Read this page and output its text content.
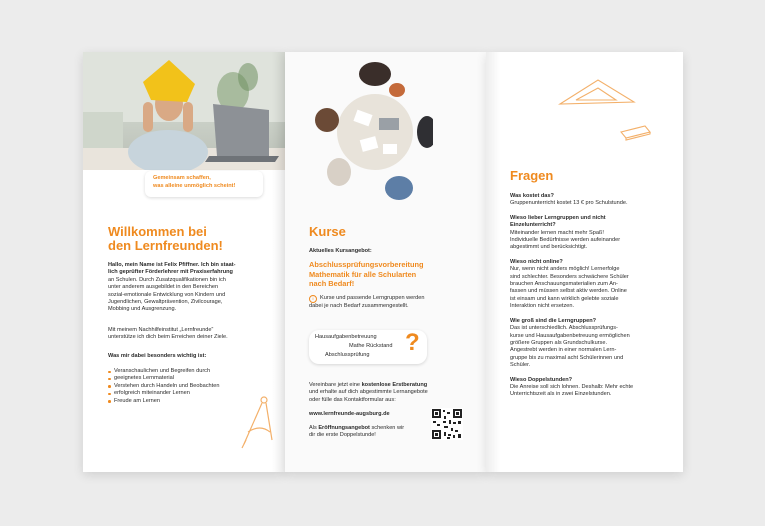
Gemeinsam schaffen,
was alleine unmöglich scheint!
Willkommen bei
den Lernfreunden!
Hallo, mein Name ist Felix Pfiffner. Ich bin staat-
lich geprüfter Förderlehrer mit Praxiserfahrung
an Schulen. Durch Zusatzqualifikationen bin ich
unter anderem ausgebildet in den Bereichen
sozial-emotionale Entwicklung von Kindern und
Jugendlichen, Gewaltprävention, Zivilcourage,
Mobbing und Ausgrenzung.
Mit meinem Nachhilfeinstitut „Lernfreunde“
unterstütze ich dich beim Erreichen deiner Ziele.
Was mir dabei besonders wichtig ist:
Veranschaulichen und Begreifen durch
geeignetes Lernmaterial
Verstehen durch Handeln und Beobachten
erfolgreich miteinander Lernen
Freude am Lernen
Kurse
Aktuelles Kursangebot:
Abschlussprüfungsvorbereitung
Mathematik für alle Schularten
nach Bedarf!
i Kurse und passende Lerngruppen werden
dabei je nach Bedarf zusammengestellt.
Hausaufgabenbetreuung
Mathe Rückstand
Abschlussprüfung ?
Vereinbare jetzt eine kostenlose Erstberatung
und erhalte auf dich abgestimmte Lernangebote
oder fülle das Kontaktformular aus:
www.lernfreunde-augsburg.de
Als Eröffnungsangebot schenken wir
dir die erste Doppelstunde!
Fragen
Was kostet das?
Gruppenunterricht kostet 13 € pro Schulstunde.
Wieso lieber Lerngruppen und nicht
Einzelunterricht?
Miteinander lernen macht mehr Spaß!
Individuelle Bedürfnisse werden aufeinander
abgestimmt und berücksichtigt.
Wieso nicht online?
Nur, wenn nicht anders möglich! Lernerfolge
sind schlechter. Besonders schwächere Schüler
brauchen Anschauungsmaterialien zum An-
fassen und müssen selbst aktiv werden. Online
ist einsam und kann wirklich gelebte soziale
Interaktion nicht ersetzen.
Wie groß sind die Lerngruppen?
Das ist unterschiedlich. Abschlussprüfungs-
kurse und Hausaufgabenbetreuung ermöglichen
größere Gruppen als Grundschulkurse.
Angestrebt werden in einer normalen Lern-
gruppe bis zu maximal acht Schülerinnen und
Schüler.
Wieso Doppelstunden?
Die Anreise soll sich lohnen. Deshalb: Mehr echte
Unterrichtszeit als in zwei Einzelstunden.
